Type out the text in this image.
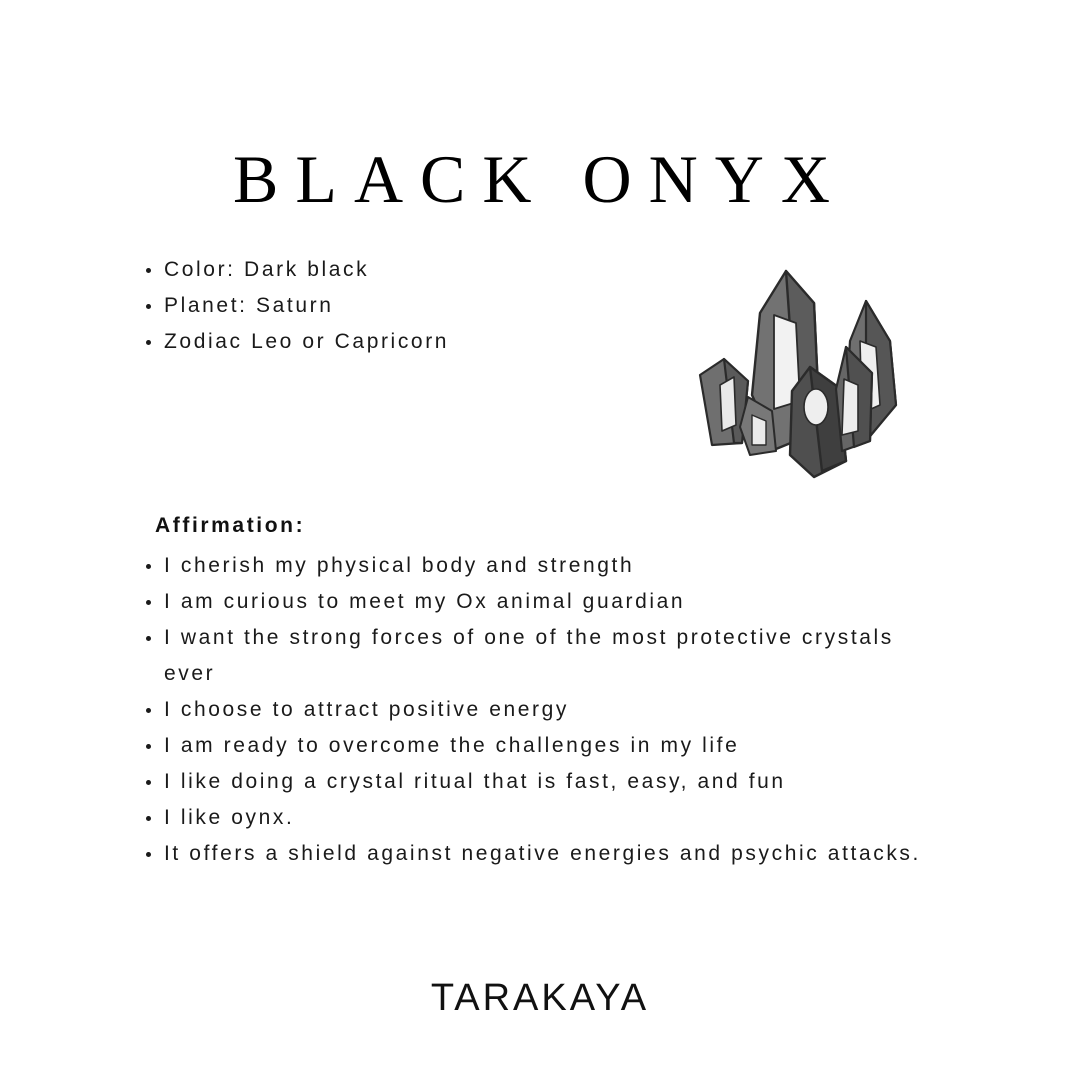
BLACK ONYX
Color: Dark black
Planet: Saturn
Zodiac Leo or Capricorn
Affirmation:
I cherish my physical body and strength
I am curious to meet my Ox animal guardian
I want the strong forces of one of the most protective crystals ever
I choose to attract positive energy
I am ready to overcome the challenges in my life
I like doing a crystal ritual that is fast, easy, and fun
I like oynx.
It offers a shield against negative energies and psychic attacks.
TARAKAYA
